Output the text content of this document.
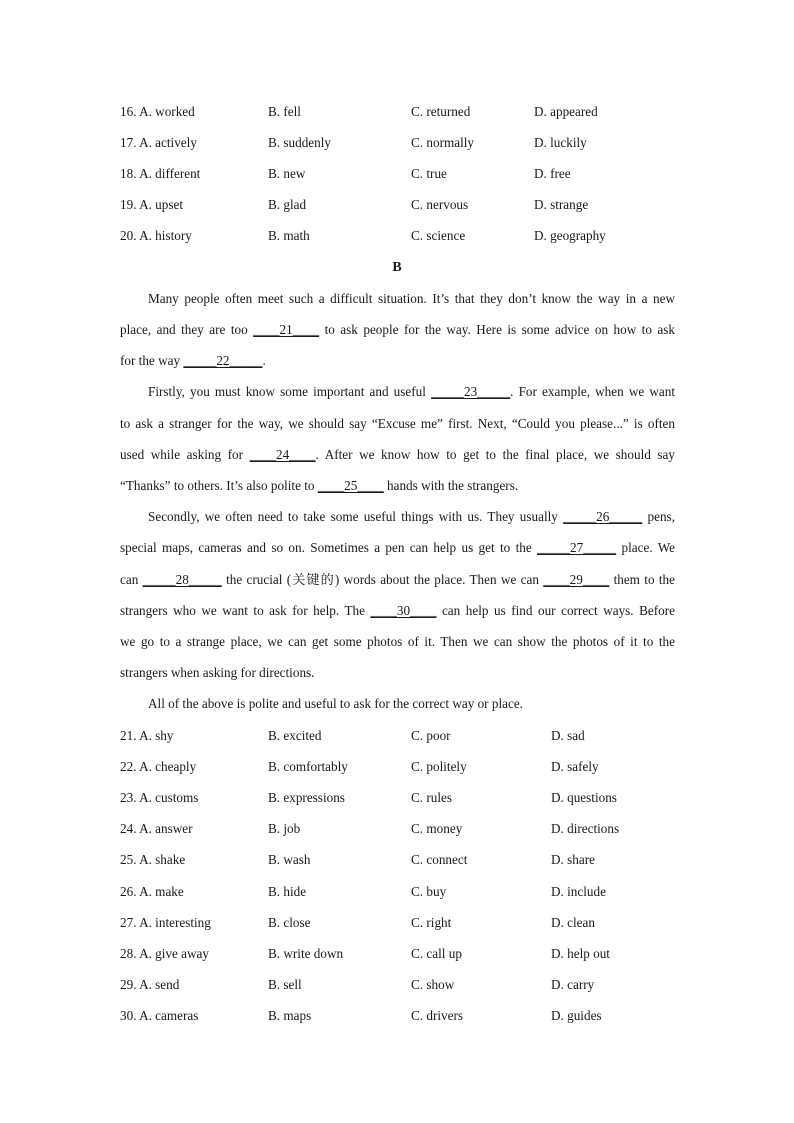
16. A. worked	B. fell	C. returned	D. appeared
17. A. actively	B. suddenly	C. normally	D. luckily
18. A. different	B. new	C. true	D. free
19. A. upset	B. glad	C. nervous	D. strange
20. A. history	B. math	C. science	D. geography
B
Many people often meet such a difficult situation. It’s that they don’t know the way in a new
place, and they are too ____21____ to ask people for the way. Here is some advice on how to ask
for the way _____22_____.
Firstly, you must know some important and useful _____23_____. For example, when we want
to ask a stranger for the way, we should say “Excuse me” first. Next, “Could you please...” is often
used while asking for ____24____. After we know how to get to the final place, we should say
“Thanks” to others. It’s also polite to ____25____ hands with the strangers.
Secondly, we often need to take some useful things with us. They usually _____26_____ pens,
special maps, cameras and so on. Sometimes a pen can help us get to the _____27_____ place. We
can _____28_____ the crucial (关键的) words about the place. Then we can ____29____ them to the
strangers who we want to ask for help. The ____30____ can help us find our correct ways. Before
we go to a strange place, we can get some photos of it. Then we can show the photos of it to the
strangers when asking for directions.
All of the above is polite and useful to ask for the correct way or place.
21. A. shy	B. excited	C. poor	D. sad
22. A. cheaply	B. comfortably	C. politely	D. safely
23. A. customs	B. expressions	C. rules	D. questions
24. A. answer	B. job	C. money	D. directions
25. A. shake	B. wash	C. connect	D. share
26. A. make	B. hide	C. buy	D. include
27. A. interesting	B. close	C. right	D. clean
28. A. give away	B. write down	C. call up	D. help out
29. A. send	B. sell	C. show	D. carry
30. A. cameras	B. maps	C. drivers	D. guides
